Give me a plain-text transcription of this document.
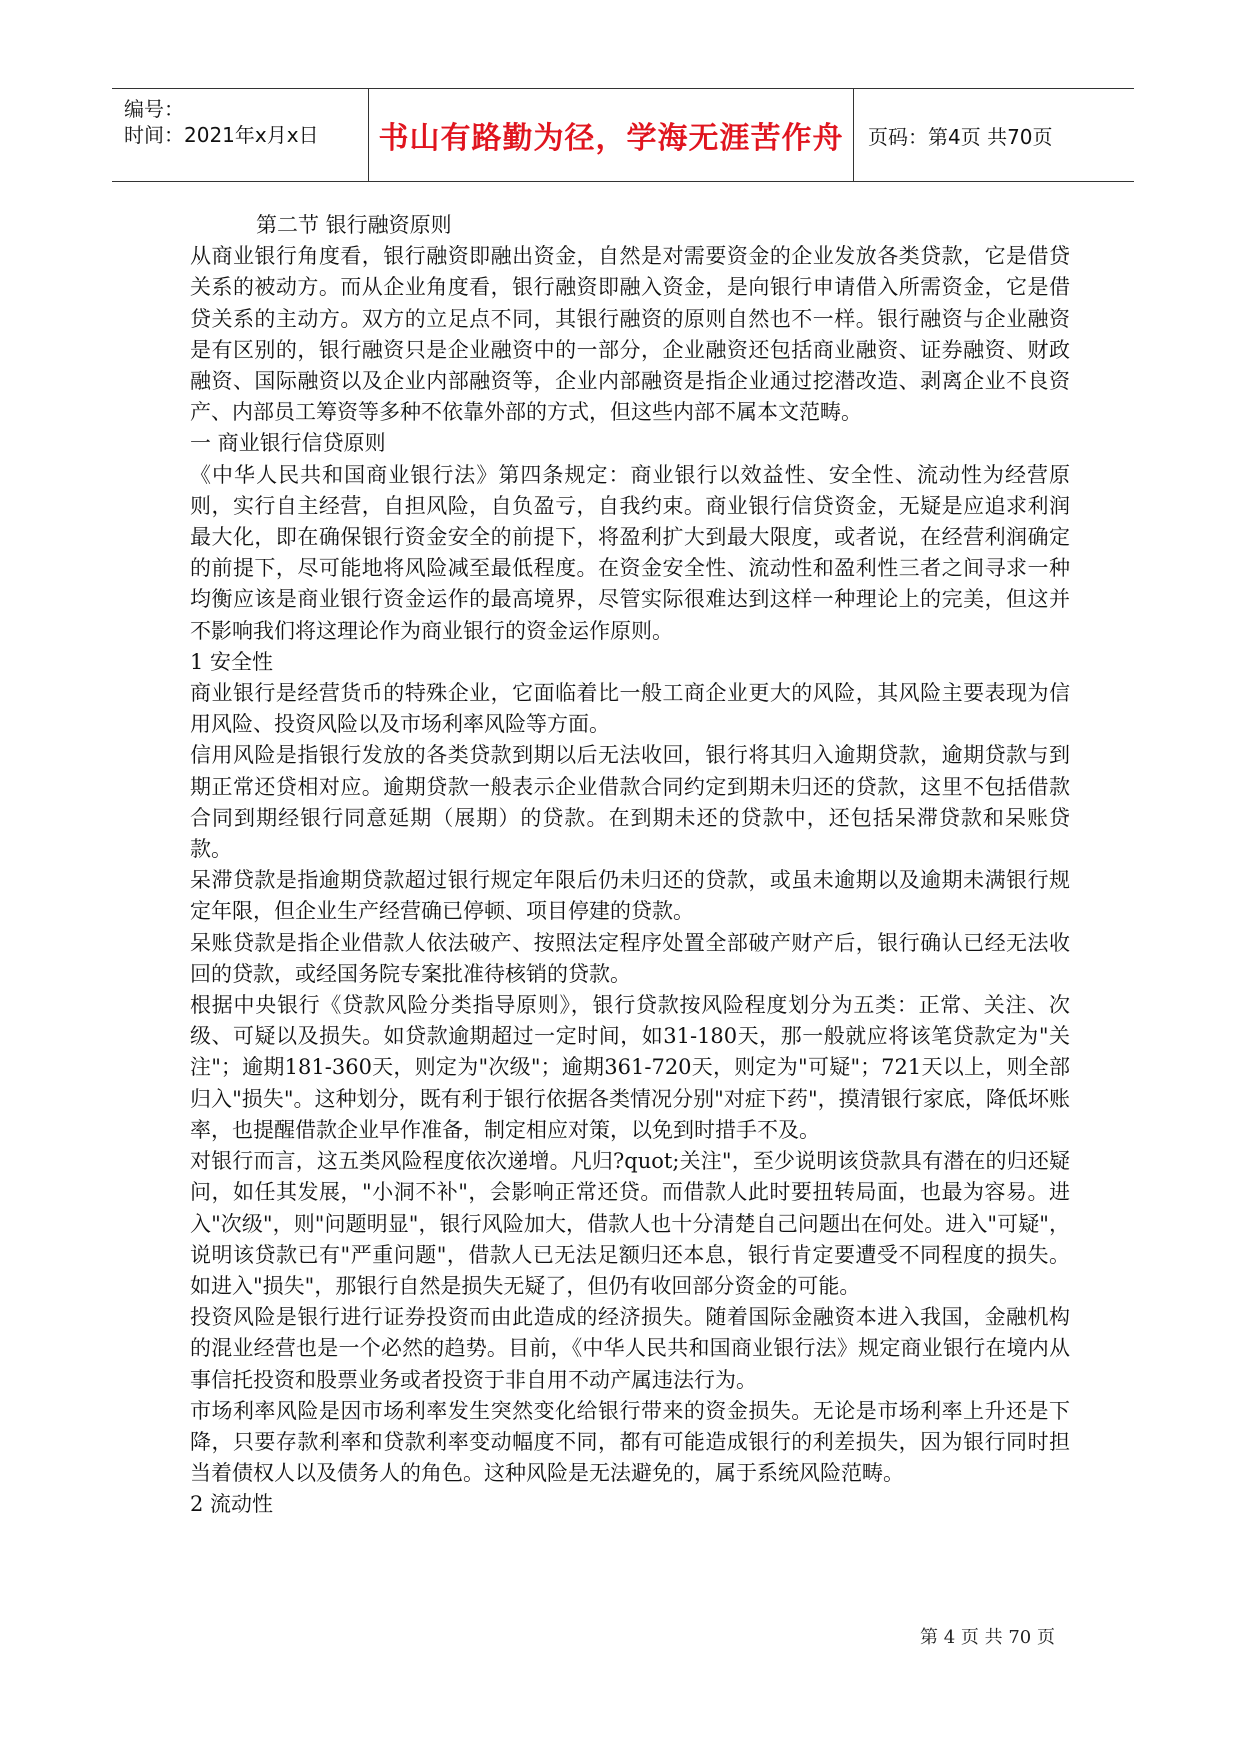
编号：
时间：2021年x月x日	书山有路勤为径，学海无涯苦作舟	页码：第4页 共70页

第二节 银行融资原则

从商业银行角度看，银行融资即融出资金，自然是对需要资金的企业发放各类贷款，它是借贷关系的被动方。而从企业角度看，银行融资即融入资金，是向银行申请借入所需资金，它是借贷关系的主动方。双方的立足点不同，其银行融资的原则自然也不一样。银行融资与企业融资是有区别的，银行融资只是企业融资中的一部分，企业融资还包括商业融资、证券融资、财政融资、国际融资以及企业内部融资等，企业内部融资是指企业通过挖潜改造、剥离企业不良资产、内部员工筹资等多种不依靠外部的方式，但这些内部不属本文范畴。

一 商业银行信贷原则

《中华人民共和国商业银行法》第四条规定：商业银行以效益性、安全性、流动性为经营原则，实行自主经营，自担风险，自负盈亏，自我约束。商业银行信贷资金，无疑是应追求利润最大化，即在确保银行资金安全的前提下，将盈利扩大到最大限度，或者说，在经营利润确定的前提下，尽可能地将风险减至最低程度。在资金安全性、流动性和盈利性三者之间寻求一种均衡应该是商业银行资金运作的最高境界，尽管实际很难达到这样一种理论上的完美，但这并不影响我们将这理论作为商业银行的资金运作原则。

1 安全性

商业银行是经营货币的特殊企业，它面临着比一般工商企业更大的风险，其风险主要表现为信用风险、投资风险以及市场利率风险等方面。

信用风险是指银行发放的各类贷款到期以后无法收回，银行将其归入逾期贷款，逾期贷款与到期正常还贷相对应。逾期贷款一般表示企业借款合同约定到期未归还的贷款，这里不包括借款合同到期经银行同意延期（展期）的贷款。在到期未还的贷款中，还包括呆滞贷款和呆账贷款。

呆滞贷款是指逾期贷款超过银行规定年限后仍未归还的贷款，或虽未逾期以及逾期未满银行规定年限，但企业生产经营确已停顿、项目停建的贷款。

呆账贷款是指企业借款人依法破产、按照法定程序处置全部破产财产后，银行确认已经无法收回的贷款，或经国务院专案批准待核销的贷款。

根据中央银行《贷款风险分类指导原则》，银行贷款按风险程度划分为五类：正常、关注、次级、可疑以及损失。如贷款逾期超过一定时间，如31-180天，那一般就应将该笔贷款定为"关注"；逾期181-360天，则定为"次级"；逾期361-720天，则定为"可疑"；721天以上，则全部归入"损失"。这种划分，既有利于银行依据各类情况分别"对症下药"，摸清银行家底，降低坏账率，也提醒借款企业早作准备，制定相应对策，以免到时措手不及。

对银行而言，这五类风险程度依次递增。凡归?quot;关注"，至少说明该贷款具有潜在的归还疑问，如任其发展，"小洞不补"，会影响正常还贷。而借款人此时要扭转局面，也最为容易。进入"次级"，则"问题明显"，银行风险加大，借款人也十分清楚自己问题出在何处。进入"可疑"，说明该贷款已有"严重问题"，借款人已无法足额归还本息，银行肯定要遭受不同程度的损失。如进入"损失"，那银行自然是损失无疑了，但仍有收回部分资金的可能。

投资风险是银行进行证券投资而由此造成的经济损失。随着国际金融资本进入我国，金融机构的混业经营也是一个必然的趋势。目前，《中华人民共和国商业银行法》规定商业银行在境内从事信托投资和股票业务或者投资于非自用不动产属违法行为。

市场利率风险是因市场利率发生突然变化给银行带来的资金损失。无论是市场利率上升还是下降，只要存款利率和贷款利率变动幅度不同，都有可能造成银行的利差损失，因为银行同时担当着债权人以及债务人的角色。这种风险是无法避免的，属于系统风险范畴。

2 流动性

第 4 页 共 70 页
